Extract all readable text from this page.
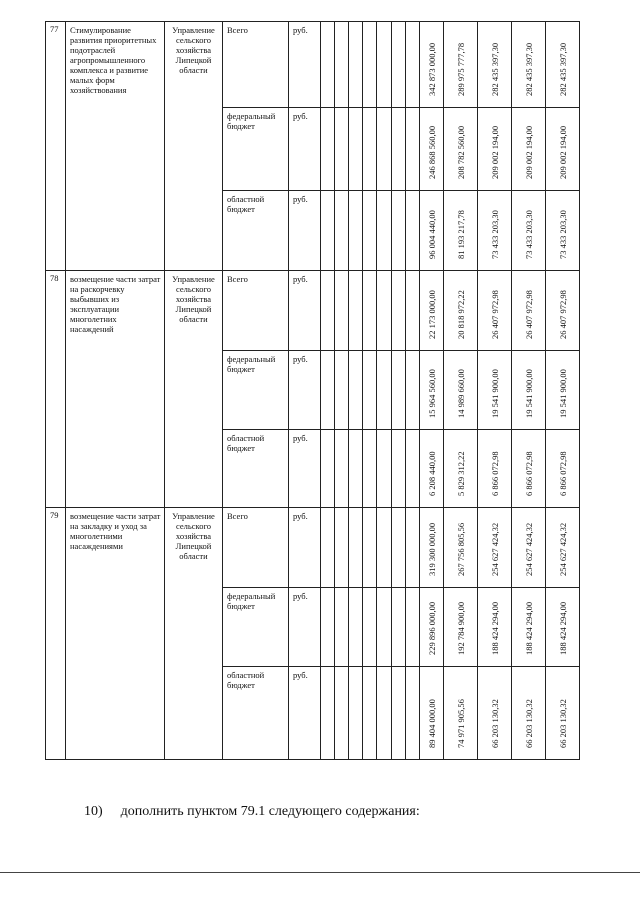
77	Стимулирование развития приоритетных подотраслей агропромышленного комплекса и развитие малых форм хозяйствования	Управление сельского хозяйства Липецкой области	Всего	руб.								342 873 000,00	289 975 777,78	282 435 397,30	282 435 397,30	282 435 397,30

			федеральный бюджет	руб.								246 868 560,00	208 782 560,00	209 002 194,00	209 002 194,00	209 002 194,00

			областной бюджет	руб.								96 004 440,00	81 193 217,78	73 433 203,30	73 433 203,30	73 433 203,30

78	возмещение части затрат на раскорчевку выбывших из эксплуатации многолетних насаждений	Управление сельского хозяйства Липецкой области	Всего	руб.								22 173 000,00	20 818 972,22	26 407 972,98	26 407 972,98	26 407 972,98

			федеральный бюджет	руб.								15 964 560,00	14 989 660,00	19 541 900,00	19 541 900,00	19 541 900,00

			областной бюджет	руб.								6 208 440,00	5 829 312,22	6 866 072,98	6 866 072,98	6 866 072,98

79	возмещение части затрат на закладку и уход за многолетними насаждениями	Управление сельского хозяйства Липецкой области	Всего	руб.								319 300 000,00	267 756 805,56	254 627 424,32	254 627 424,32	254 627 424,32

			федеральный бюджет	руб.								229 896 000,00	192 784 900,00	188 424 294,00	188 424 294,00	188 424 294,00

			областной бюджет	руб.								89 404 000,00	74 971 905,56	66 203 130,32	66 203 130,32	66 203 130,32
10) дополнить пунктом 79.1 следующего содержания:
